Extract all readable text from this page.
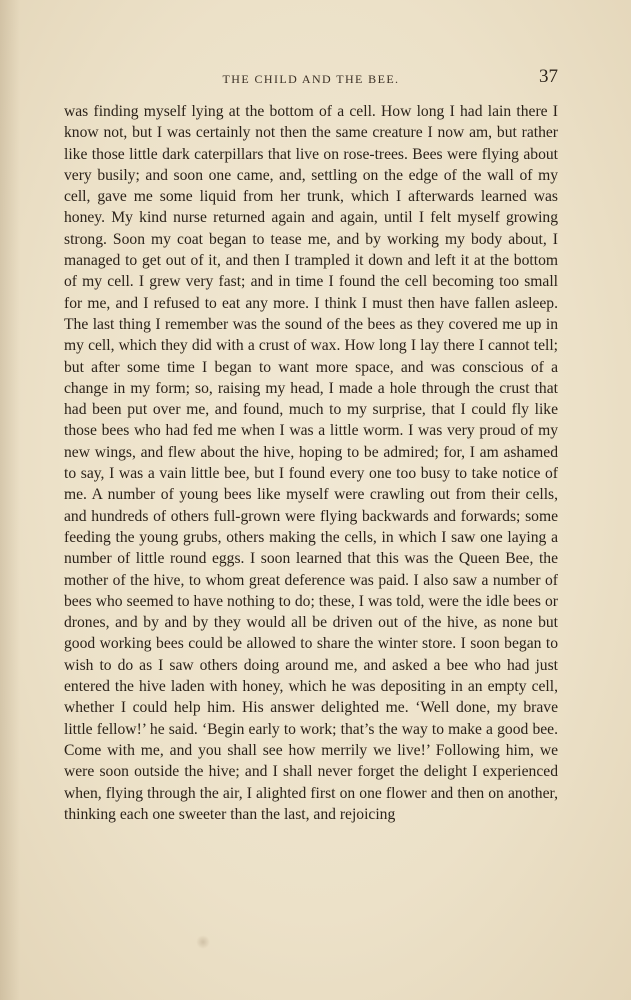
THE CHILD AND THE BEE.	37

was finding myself lying at the bottom of a cell. How long I had lain there I know not, but I was certainly not then the same creature I now am, but rather like those little dark caterpillars that live on rose-trees. Bees were flying about very busily; and soon one came, and, settling on the edge of the wall of my cell, gave me some liquid from her trunk, which I afterwards learned was honey. My kind nurse returned again and again, until I felt myself growing strong. Soon my coat began to tease me, and by working my body about, I managed to get out of it, and then I trampled it down and left it at the bottom of my cell. I grew very fast; and in time I found the cell becoming too small for me, and I refused to eat any more. I think I must then have fallen asleep. The last thing I remember was the sound of the bees as they covered me up in my cell, which they did with a crust of wax. How long I lay there I cannot tell; but after some time I began to want more space, and was conscious of a change in my form; so, raising my head, I made a hole through the crust that had been put over me, and found, much to my surprise, that I could fly like those bees who had fed me when I was a little worm. I was very proud of my new wings, and flew about the hive, hoping to be admired; for, I am ashamed to say, I was a vain little bee, but I found every one too busy to take notice of me. A number of young bees like myself were crawling out from their cells, and hundreds of others full-grown were flying backwards and forwards; some feeding the young grubs, others making the cells, in which I saw one laying a number of little round eggs. I soon learned that this was the Queen Bee, the mother of the hive, to whom great deference was paid. I also saw a number of bees who seemed to have nothing to do; these, I was told, were the idle bees or drones, and by and by they would all be driven out of the hive, as none but good working bees could be allowed to share the winter store. I soon began to wish to do as I saw others doing around me, and asked a bee who had just entered the hive laden with honey, which he was depositing in an empty cell, whether I could help him. His answer delighted me. ‘Well done, my brave little fellow!’ he said. ‘Begin early to work; that’s the way to make a good bee. Come with me, and you shall see how merrily we live!’ Following him, we were soon outside the hive; and I shall never forget the delight I experienced when, flying through the air, I alighted first on one flower and then on another, thinking each one sweeter than the last, and rejoicing
